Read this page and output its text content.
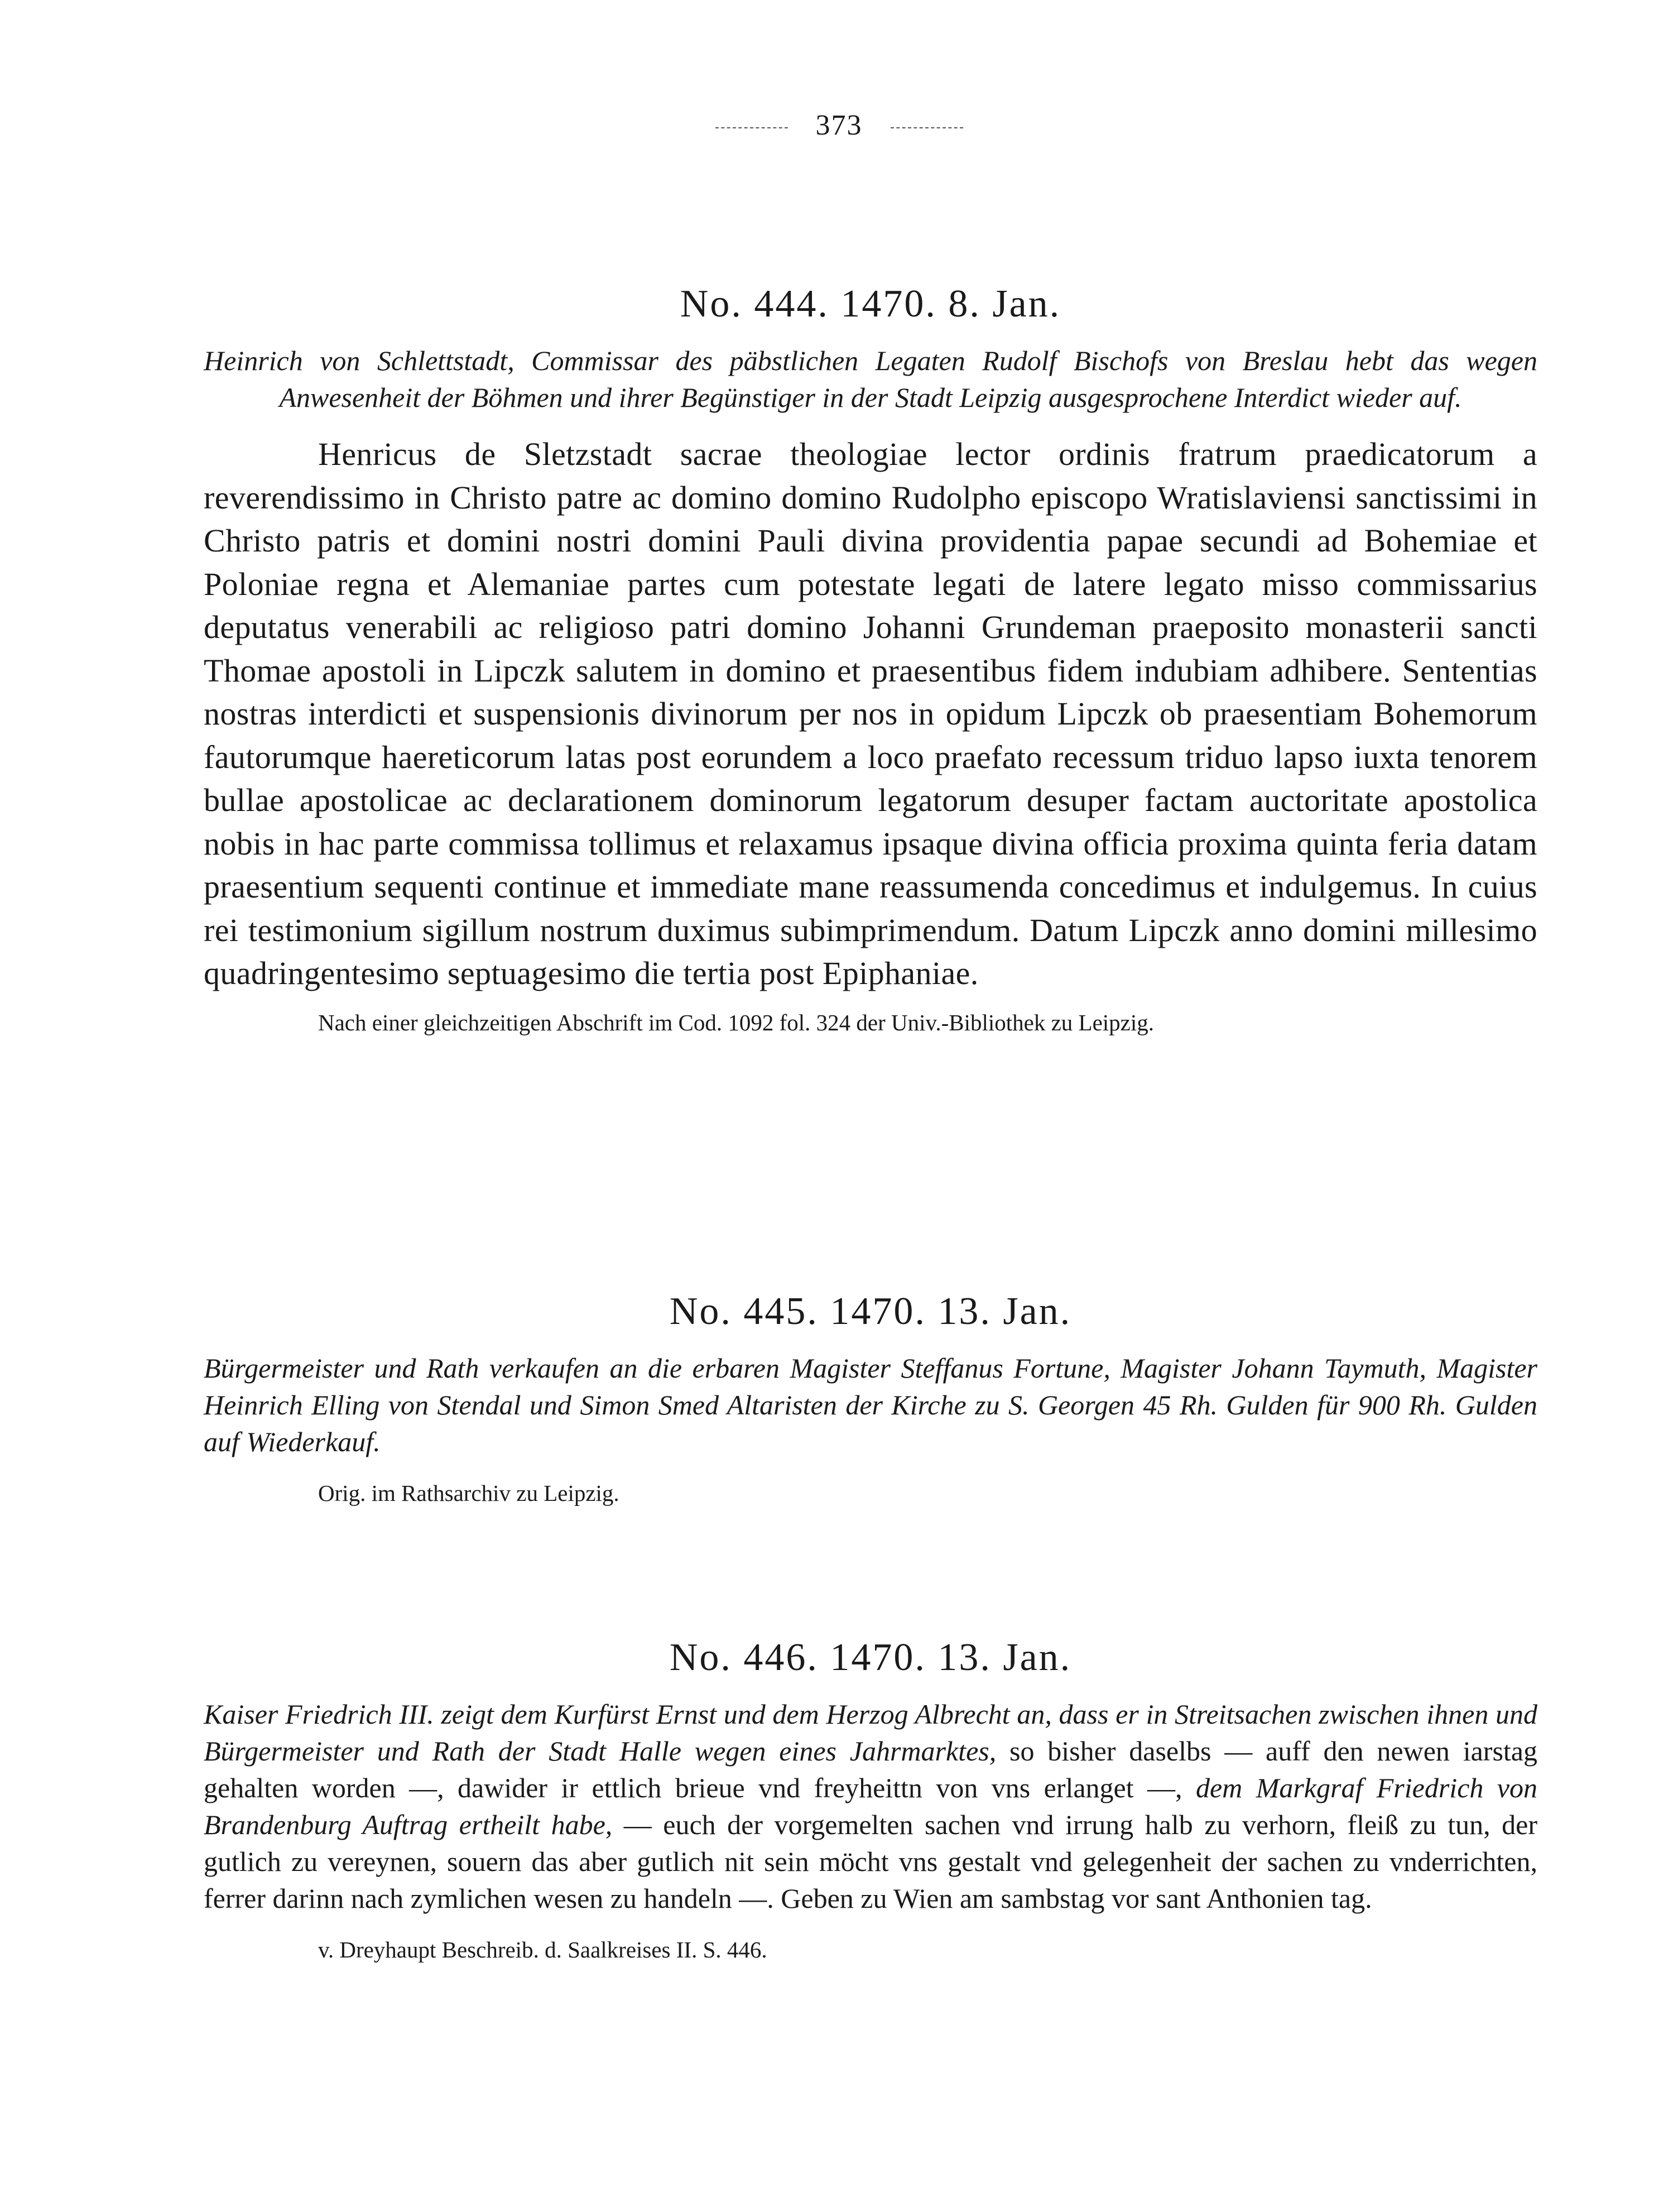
373
No. 444. 1470. 8. Jan.

Heinrich von Schlettstadt, Commissar des päbstlichen Legaten Rudolf Bischofs von Breslau hebt das wegen Anwesenheit der Böhmen und ihrer Begünstiger in der Stadt Leipzig ausgesprochene Interdict wieder auf.

Henricus de Sletzstadt sacrae theologiae lector ordinis fratrum praedicatorum a reverendissimo in Christo patre ac domino domino Rudolpho episcopo Wratislaviensi sanctissimi in Christo patris et domini nostri domini Pauli divina providentia papae secundi ad Bohemiae et Poloniae regna et Alemaniae partes cum potestate legati de latere legato misso commissarius deputatus venerabili ac religioso patri domino Johanni Grundeman praeposito monasterii sancti Thomae apostoli in Lipczk salutem in domino et praesentibus fidem indubiam adhibere. Sententias nostras interdicti et suspensionis divinorum per nos in opidum Lipczk ob praesentiam Bohemorum fautorumque haereticorum latas post eorundem a loco praefato recessum triduo lapso iuxta tenorem bullae apostolicae ac declarationem dominorum legatorum desuper factam auctoritate apostolica nobis in hac parte commissa tollimus et relaxamus ipsaque divina officia proxima quinta feria datam praesentium sequenti continue et immediate mane reassumenda concedimus et indulgemus. In cuius rei testimonium sigillum nostrum duximus subimprimendum. Datum Lipczk anno domini millesimo quadringentesimo septuagesimo die tertia post Epiphaniae.

Nach einer gleichzeitigen Abschrift im Cod. 1092 fol. 324 der Univ.-Bibliothek zu Leipzig.

No. 445. 1470. 13. Jan.

Bürgermeister und Rath verkaufen an die erbaren Magister Steffanus Fortune, Magister Johann Taymuth, Magister Heinrich Elling von Stendal und Simon Smed Altaristen der Kirche zu S. Georgen 45 Rh. Gulden für 900 Rh. Gulden auf Wiederkauf.

Orig. im Rathsarchiv zu Leipzig.

No. 446. 1470. 13. Jan.

Kaiser Friedrich III. zeigt dem Kurfürst Ernst und dem Herzog Albrecht an, dass er in Streitsachen zwischen ihnen und Bürgermeister und Rath der Stadt Halle wegen eines Jahrmarktes, so bisher daselbs — auff den newen iarstag gehalten worden —, dawider ir ettlich brieue vnd freyheittn von vns erlanget —, dem Markgraf Friedrich von Brandenburg Auftrag ertheilt habe, — euch der vorgemelten sachen vnd irrung halb zu verhorn, fleiß zu tun, der gutlich zu vereynen, souern das aber gutlich nit sein möcht vns gestalt vnd gelegenheit der sachen zu vnderrichten, ferrer darinn nach zymlichen wesen zu handeln —. Geben zu Wien am sambstag vor sant Anthonien tag.

v. Dreyhaupt Beschreib. d. Saalkreises II. S. 446.
